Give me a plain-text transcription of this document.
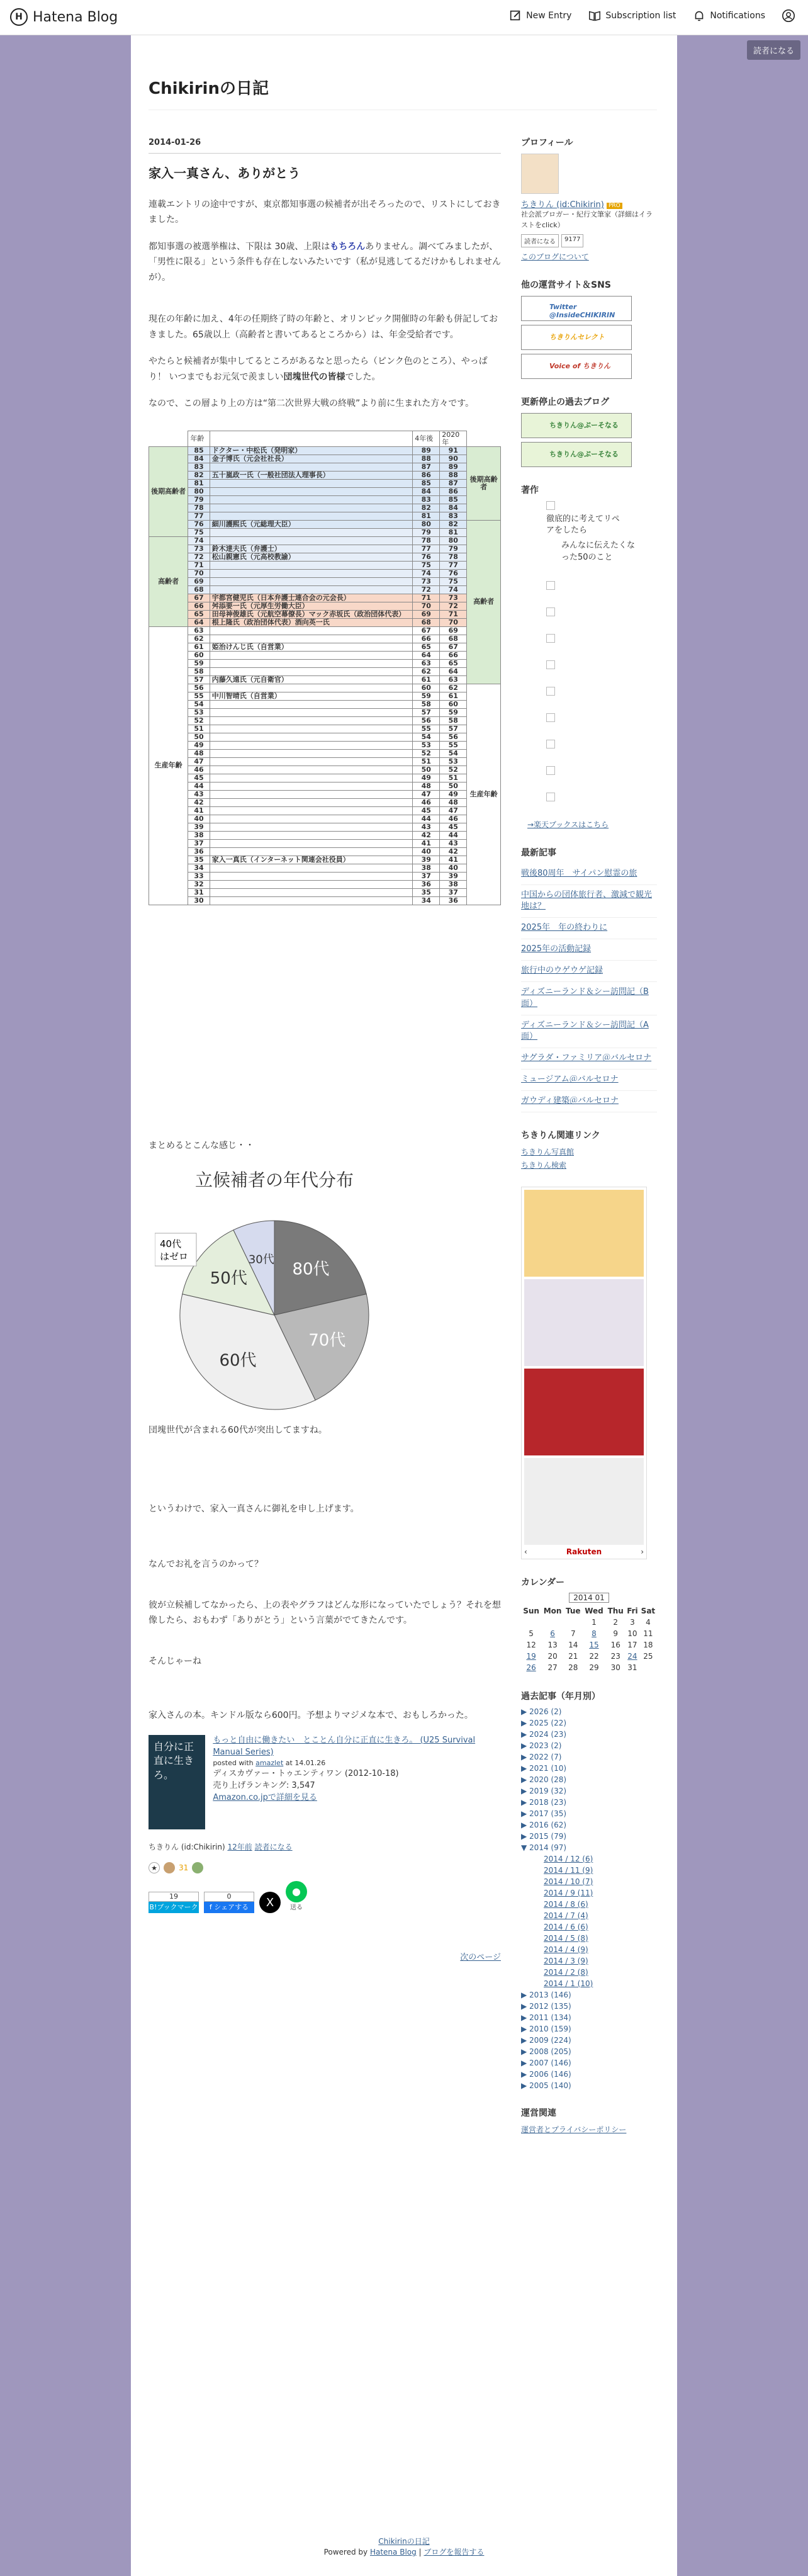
H Hatena Blog	New Entry	Subscription list	Notifications
読者になる
Chikirinの日記
2014-01-26
家入一真さん、ありがとう

連載エントリの途中ですが、東京都知事選の候補者が出そろったので、リストにしておきました。

都知事選の被選挙権は、下限は 30歳、上限はもちろんありません。調べてみましたが、「男性に限る」という条件も存在しないみたいです（私が見逃してるだけかもしれませんが）。

現在の年齢に加え、4年の任期終了時の年齢と、オリンピック開催時の年齢も併記しておきました。65歳以上（高齢者と書いてあるところから）は、年金受給者です。

やたらと候補者が集中してるところがあるなと思ったら（ピンク色のところ）、やっぱり！ いつまでもお元気で羨ましい団塊世代の皆様でした。

なので、この層より上の方は“第二次世界大戦の終戦”より前に生まれた方々です。

	年齢		4年後	2020年	
後期高齢者	85	ドクター・中松氏（発明家）	89	91	後期高齢者
	84	金子博氏（元会社社長）	88	90	
	83		87	89	
	82	五十嵐政一氏（一般社団法人理事長）	86	88	
	81		85	87	
	80		84	86	
	79		83	85	
	78		82	84	
	77		81	83	
	76	細川護熙氏（元総理大臣）	80	82	高齢者
	75		79	81	
高齢者	74		78	80	
	73	鈴木達夫氏（弁護士）	77	79	
	72	松山親憲氏（元高校教諭）	76	78	
	71		75	77	
	70		74	76	
	69		73	75	
	68		72	74	
	67	宇都宮健児氏（日本弁護士連合会の元会長）	71	73	
	66	舛添要一氏（元厚生労働大臣）	70	72	
	65	田母神俊雄氏（元航空幕僚長）マック赤坂氏（政治団体代表）	69	71	
	64	根上隆氏（政治団体代表）酒向英一氏	68	70	
生産年齢	63		67	69	
	62		66	68	
	61	姫治けんじ氏（自営業）	65	67	
	60		64	66	
	59		63	65	
	58		62	64	
	57	内藤久遠氏（元自衛官）	61	63	
	56		60	62	生産年齢
	55	中川智晴氏（自営業）	59	61	
	54		58	60	
	53		57	59	
	52		56	58	
	51		55	57	
	50		54	56	
	49		53	55	
	48		52	54	
	47		51	53	
	46		50	52	
	45		49	51	
	44		48	50	
	43		47	49	
	42		46	48	
	41		45	47	
	40		44	46	
	39		43	45	
	38		42	44	
	37		41	43	
	36		40	42	
	35	家入一真氏（インターネット関連会社役員）	39	41	
	34		38	40	
	33		37	39	
	32		36	38	
	31		35	37	
	30		34	36	

まとめるとこんな感じ・・

立候補者の年代分布
80代
70代
60代
50代
30代
40代
はゼロ

団塊世代が含まれる60代が突出してますね。

というわけで、家入一真さんに御礼を申し上げます。

なんでお礼を言うのかって？

彼が立候補してなかったら、上の表やグラフはどんな形になっていたでしょう？それを想像したら、おもわず「ありがとう」という言葉がでてきたんです。

そんじゃーね

家入さんの本。キンドル版なら600円。予想よりマジメな本で、おもしろかった。

自分に正直に生きろ。
もっと自由に働きたい　とことん自分に正直に生きろ。 (U25 Survival Manual Series)
posted with amazlet at 14.01.26
ディスカヴァー・トゥエンティワン (2012-10-18)
売り上げランキング: 3,547
Amazon.co.jpで詳細を見る
ちきりん (id:Chikirin) 12年前 読者になる
★	31
19
B!ブックマーク
0
f シェアする	X
●
送る
次のページ
プロフィール
ちきりん (id:Chikirin) PRO
社会派ブロガー・紀行文筆家（詳細はイラストをclick）
読者になる	9177
このブログについて
他の運営サイト＆SNS
Twitter @InsideCHIKIRIN
ちきりんセレクト
Voice of ちきりん
更新停止の過去ブログ
ちきりん@ぷーそなる
ちきりん@ぷーそなる
著作
徹底的に考えてリペアをしたら
みんなに伝えたくなった50のこと
→楽天ブックスはこちら
最新記事
戦後80周年　サイパン慰霊の旅
中国からの団体旅行者、激減で観光地は？
2025年　年の終わりに
2025年の活動記録
旅行中のウゲウゲ記録
ディズニーランド＆シー訪問記（B面）
ディズニーランド＆シー訪問記（A面）
サグラダ・ファミリア＠バルセロナ
ミュージアム＠バルセロナ
ガウディ建築＠バルセロナ
ちきりん関連リンク
ちきりん写真館
ちきりん検索
‹	Rakuten	›
カレンダー
2014 01
Sun	Mon	Tue	Wed	Thu	Fri	Sat
			1	2	3	4
5	6	7	8	9	10	11
12	13	14	15	16	17	18
19	20	21	22	23	24	25
26	27	28	29	30	31	
過去記事（年月別）
▶ 2026 (2)
▶ 2025 (22)
▶ 2024 (23)
▶ 2023 (2)
▶ 2022 (7)
▶ 2021 (10)
▶ 2020 (28)
▶ 2019 (32)
▶ 2018 (23)
▶ 2017 (35)
▶ 2016 (62)
▶ 2015 (79)
▼ 2014 (97)
2014 / 12 (6)
2014 / 11 (9)
2014 / 10 (7)
2014 / 9 (11)
2014 / 8 (6)
2014 / 7 (4)
2014 / 6 (6)
2014 / 5 (8)
2014 / 4 (9)
2014 / 3 (9)
2014 / 2 (8)
2014 / 1 (10)
▶ 2013 (146)
▶ 2012 (135)
▶ 2011 (134)
▶ 2010 (159)
▶ 2009 (224)
▶ 2008 (205)
▶ 2007 (146)
▶ 2006 (146)
▶ 2005 (140)
運営関連
運営者とプライバシーポリシー
Chikirinの日記
Powered by Hatena Blog | ブログを報告する
